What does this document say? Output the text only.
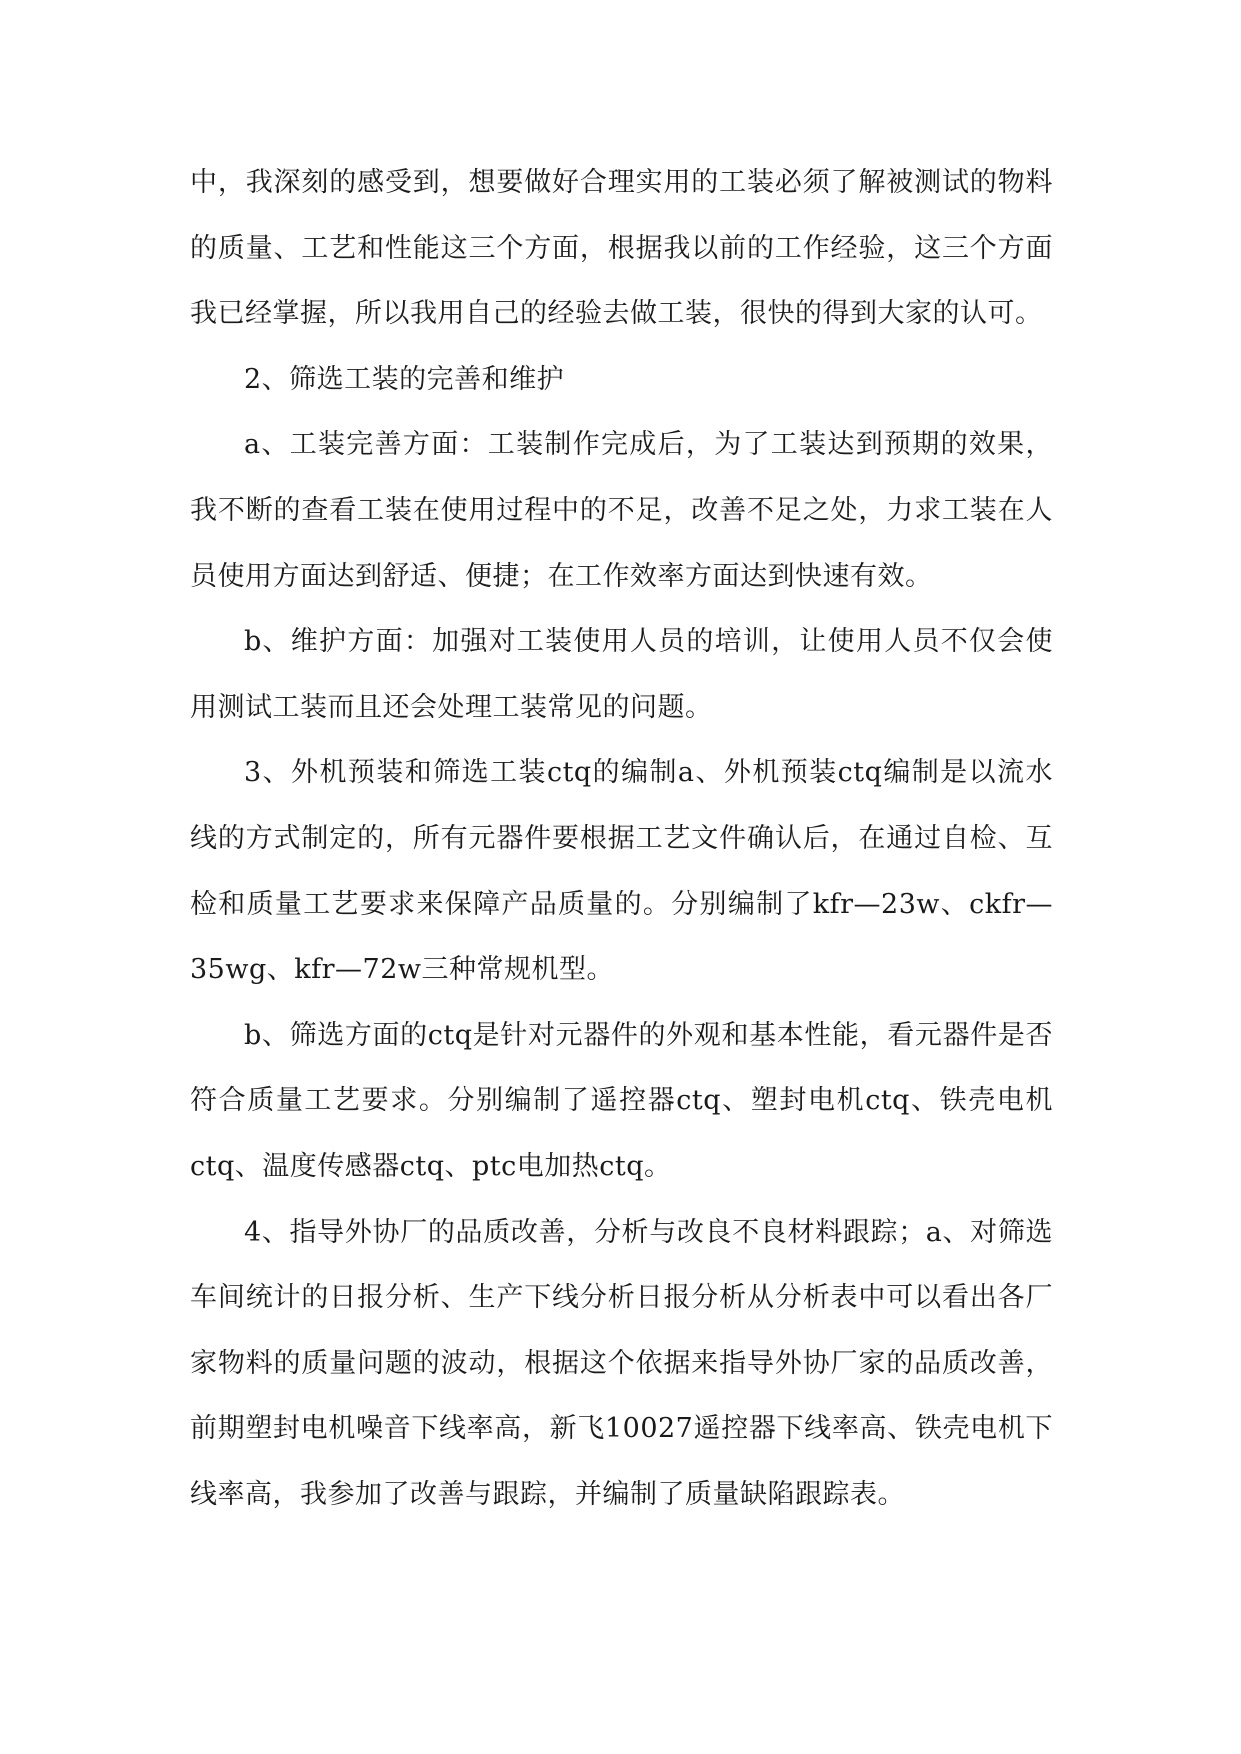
中，我深刻的感受到，想要做好合理实用的工装必须了解被测试的物料的质量、工艺和性能这三个方面，根据我以前的工作经验，这三个方面我已经掌握，所以我用自己的经验去做工装，很快的得到大家的认可。

2、筛选工装的完善和维护

a、工装完善方面：工装制作完成后，为了工装达到预期的效果，我不断的查看工装在使用过程中的不足，改善不足之处，力求工装在人员使用方面达到舒适、便捷；在工作效率方面达到快速有效。

b、维护方面：加强对工装使用人员的培训，让使用人员不仅会使用测试工装而且还会处理工装常见的问题。

3、外机预装和筛选工装ctq的编制a、外机预装ctq编制是以流水线的方式制定的，所有元器件要根据工艺文件确认后，在通过自检、互检和质量工艺要求来保障产品质量的。分别编制了kfr—23w、ckfr—35wg、kfr—72w三种常规机型。

b、筛选方面的ctq是针对元器件的外观和基本性能，看元器件是否符合质量工艺要求。分别编制了遥控器ctq、塑封电机ctq、铁壳电机ctq、温度传感器ctq、ptc电加热ctq。

4、指导外协厂的品质改善，分析与改良不良材料跟踪；a、对筛选车间统计的日报分析、生产下线分析日报分析从分析表中可以看出各厂家物料的质量问题的波动，根据这个依据来指导外协厂家的品质改善，前期塑封电机噪音下线率高，新飞10027遥控器下线率高、铁壳电机下线率高，我参加了改善与跟踪，并编制了质量缺陷跟踪表。
